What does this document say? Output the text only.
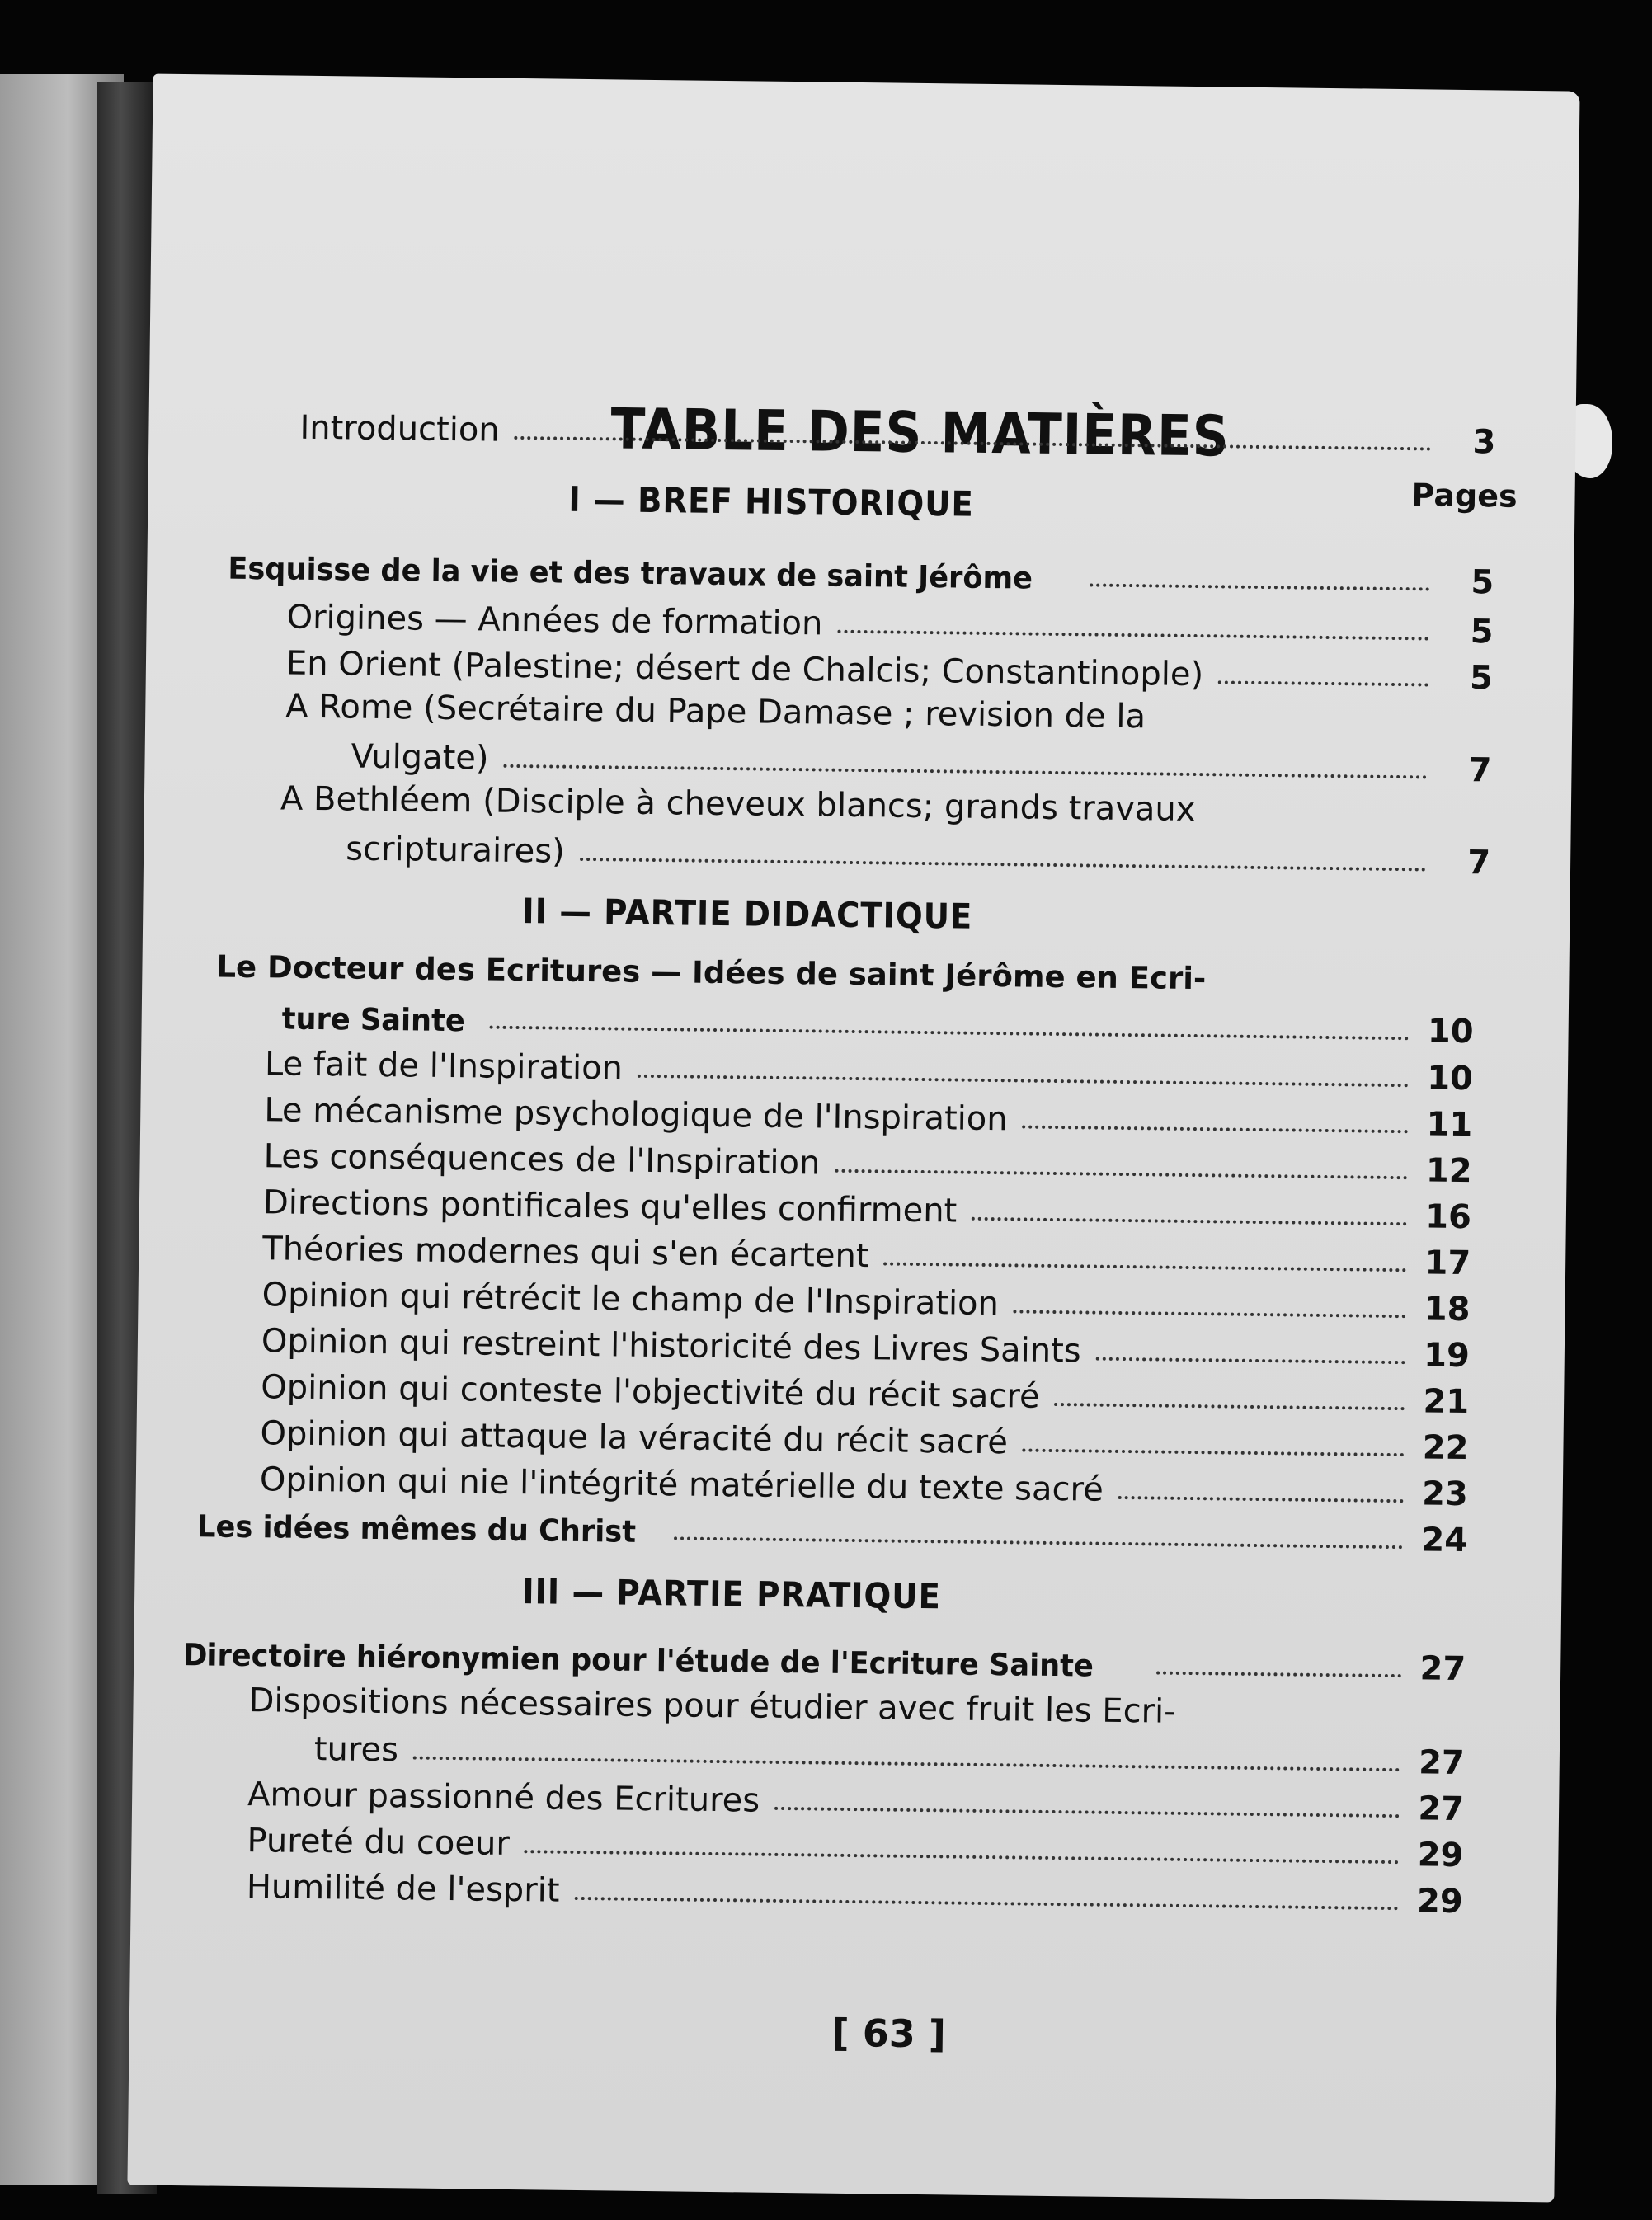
TABLE DES MATIÈRES
Pages
Introduction	3
I — BREF HISTORIQUE
Esquisse de la vie et des travaux de saint Jérôme	5
Origines — Années de formation	5
En Orient (Palestine; désert de Chalcis; Constantinople)	5
A Rome (Secrétaire du Pape Damase ; revision de la
Vulgate)	7
A Bethléem (Disciple à cheveux blancs; grands travaux
scripturaires)	7
II — PARTIE DIDACTIQUE
Le Docteur des Ecritures — Idées de saint Jérôme en Ecri-
ture Sainte	10
Le fait de l'Inspiration	10
Le mécanisme psychologique de l'Inspiration	11
Les conséquences de l'Inspiration	12
Directions pontificales qu'elles confirment	16
Théories modernes qui s'en écartent	17
Opinion qui rétrécit le champ de l'Inspiration	18
Opinion qui restreint l'historicité des Livres Saints	19
Opinion qui conteste l'objectivité du récit sacré	21
Opinion qui attaque la véracité du récit sacré	22
Opinion qui nie l'intégrité matérielle du texte sacré	23
Les idées mêmes du Christ	24
III — PARTIE PRATIQUE
Directoire hiéronymien pour l'étude de l'Ecriture Sainte	27
Dispositions nécessaires pour étudier avec fruit les Ecri-
tures	27
Amour passionné des Ecritures	27
Pureté du coeur	29
Humilité de l'esprit	29
[ 63 ]
